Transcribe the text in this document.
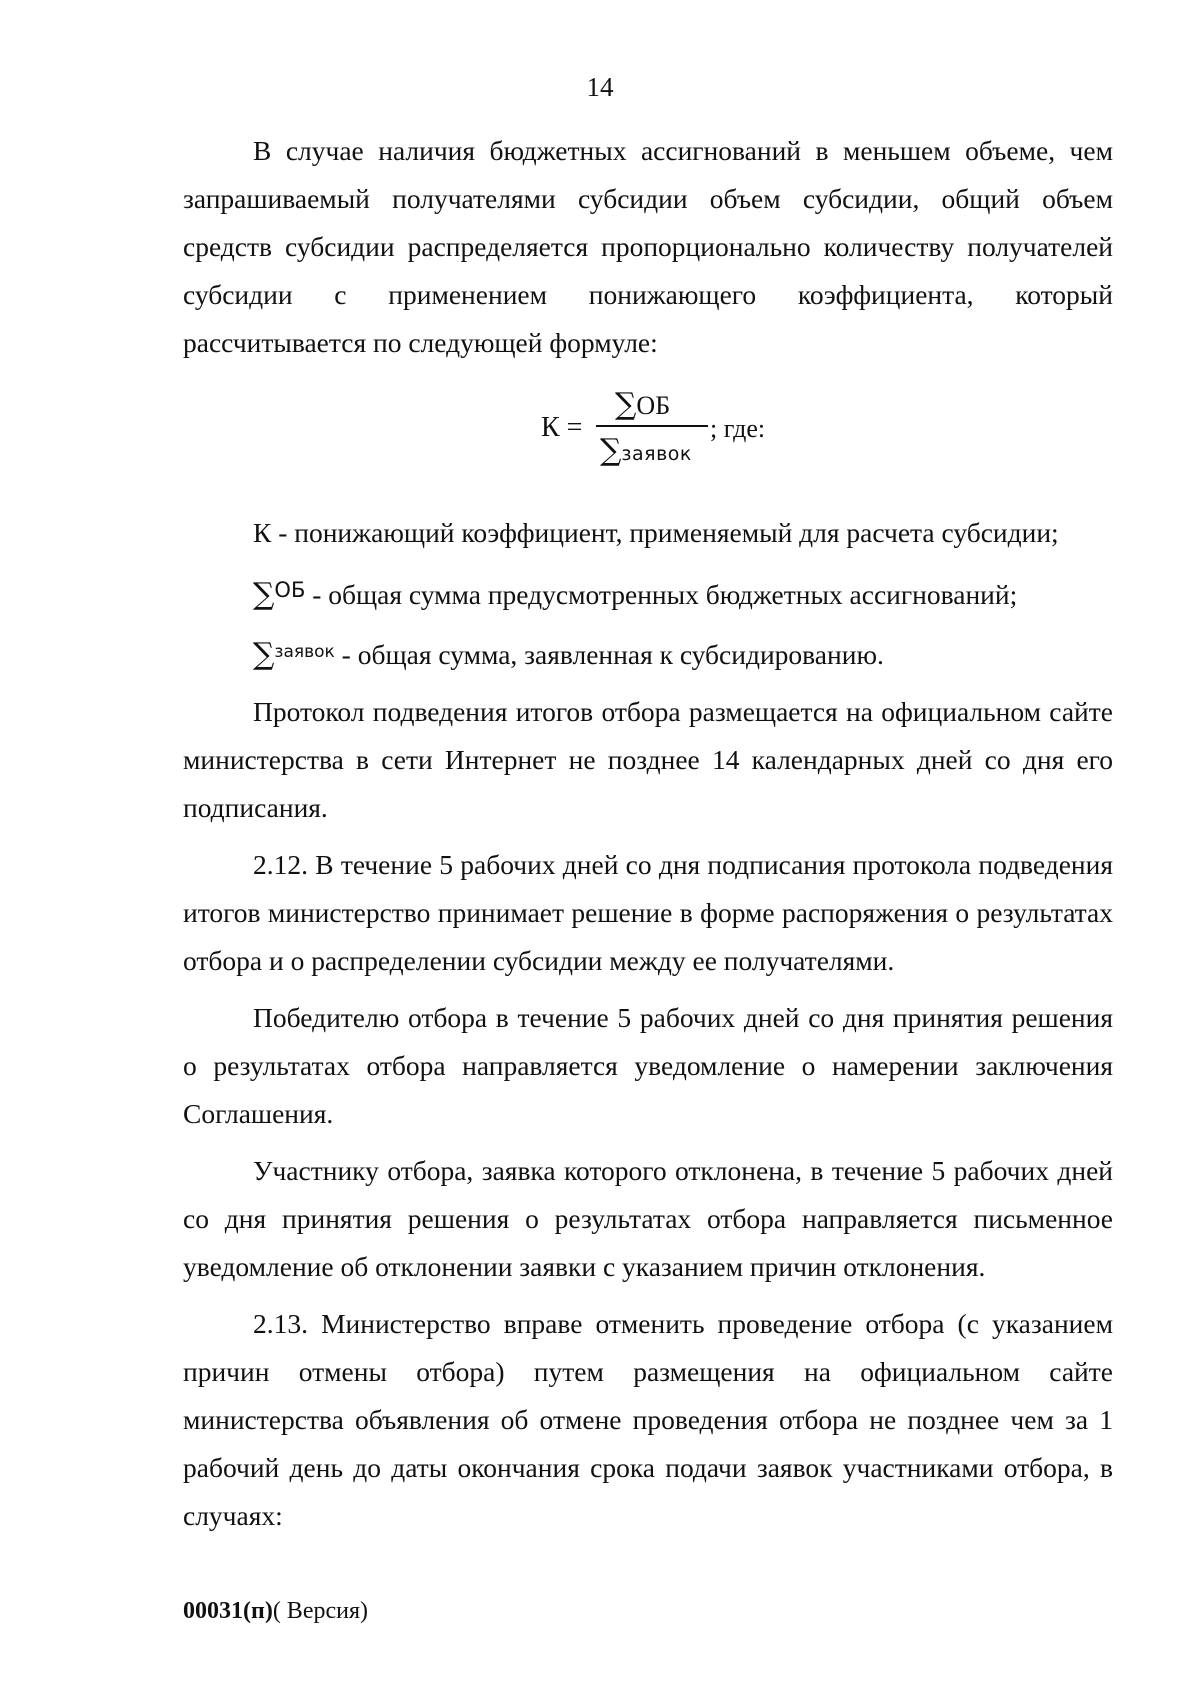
14

В случае наличия бюджетных ассигнований в меньшем объеме, чем запрашиваемый получателями субсидии объем субсидии, общий объем средств субсидии распределяется пропорционально количеству получателей субсидии с применением понижающего коэффициента, который рассчитывается по следующей формуле:

К =
∑ОБ
∑заявок
; где:

К - понижающий коэффициент, применяемый для расчета субсидии;

∑$^{ОБ}$ - общая сумма предусмотренных бюджетных ассигнований;

∑$^{заявок}$ - общая сумма, заявленная к субсидированию.

Протокол подведения итогов отбора размещается на официальном сайте министерства в сети Интернет не позднее 14 календарных дней со дня его подписания.

2.12. В течение 5 рабочих дней со дня подписания протокола подведения итогов министерство принимает решение в форме распоряжения о результатах отбора и о распределении субсидии между ее получателями.

Победителю отбора в течение 5 рабочих дней со дня принятия решения о результатах отбора направляется уведомление о намерении заключения Соглашения.

Участнику отбора, заявка которого отклонена, в течение 5 рабочих дней со дня принятия решения о результатах отбора направляется письменное уведомление об отклонении заявки с указанием причин отклонения.

2.13. Министерство вправе отменить проведение отбора (с указанием причин отмены отбора) путем размещения на официальном сайте министерства объявления об отмене проведения отбора не позднее чем за 1 рабочий день до даты окончания срока подачи заявок участниками отбора, в случаях:

00031(п)( Версия)
